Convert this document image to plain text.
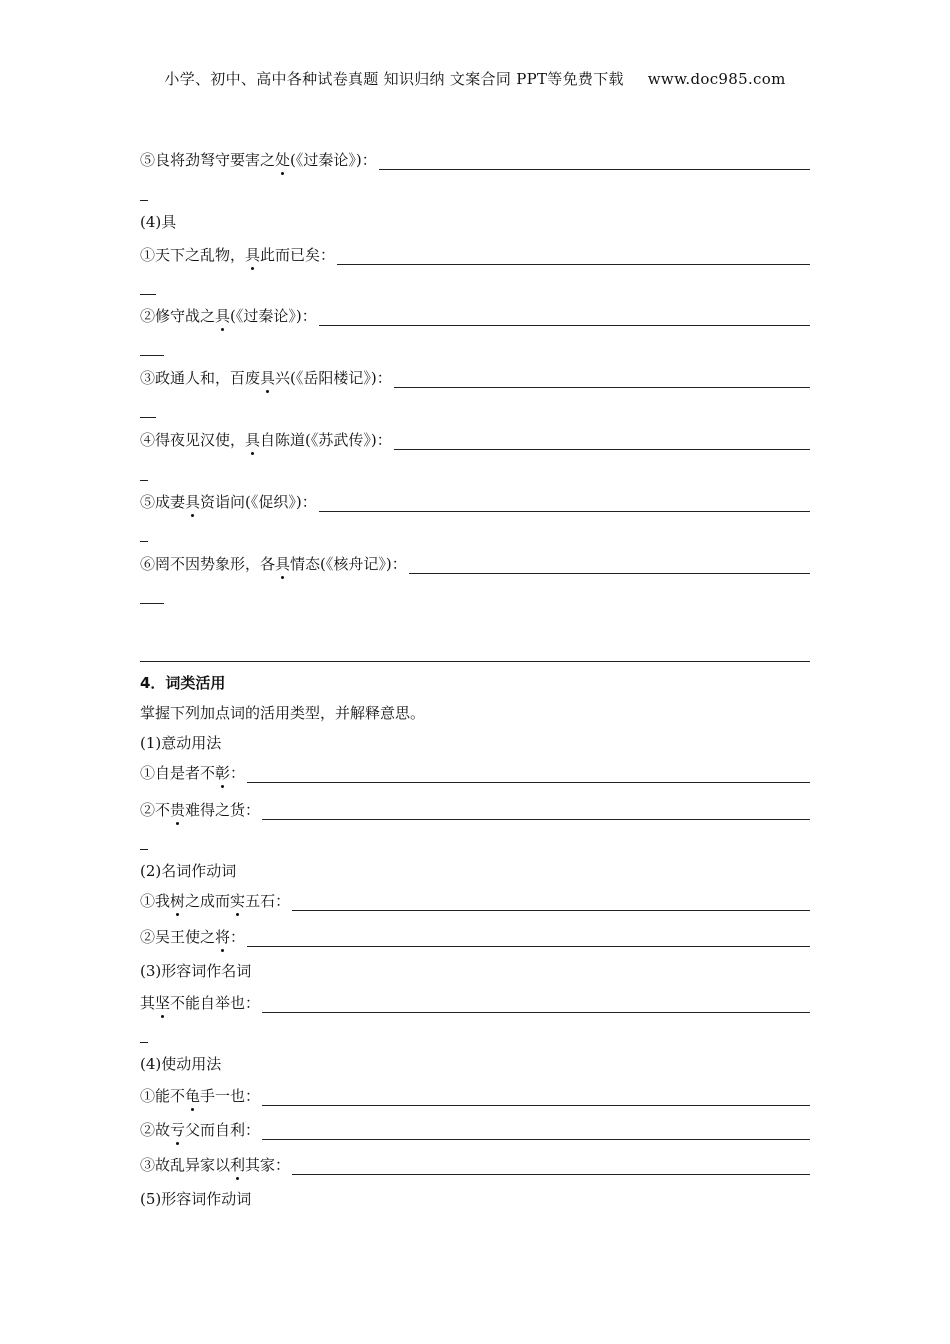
小学、初中、高中各种试卷真题 知识归纳 文案合同 PPT等免费下载 www.doc985.com
⑤良将劲弩守要害之处(《过秦论》)：
(4)具
①天下之乱物，具此而已矣：
②修守战之具(《过秦论》)：
③政通人和，百废具兴(《岳阳楼记》)：
④得夜见汉使，具自陈道(《苏武传》)：
⑤成妻具资诣问(《促织》)：
⑥罔不因势象形，各具情态(《核舟记》)：
4．词类活用
掌握下列加点词的活用类型，并解释意思。
(1)意动用法
①自是者不彰：
②不贵难得之货：
(2)名词作动词
①我树之成而实五石：
②吴王使之将：
(3)形容词作名词
其坚不能自举也：
(4)使动用法
①能不龟手一也：
②故亏父而自利：
③故乱异家以利其家：
(5)形容词作动词
